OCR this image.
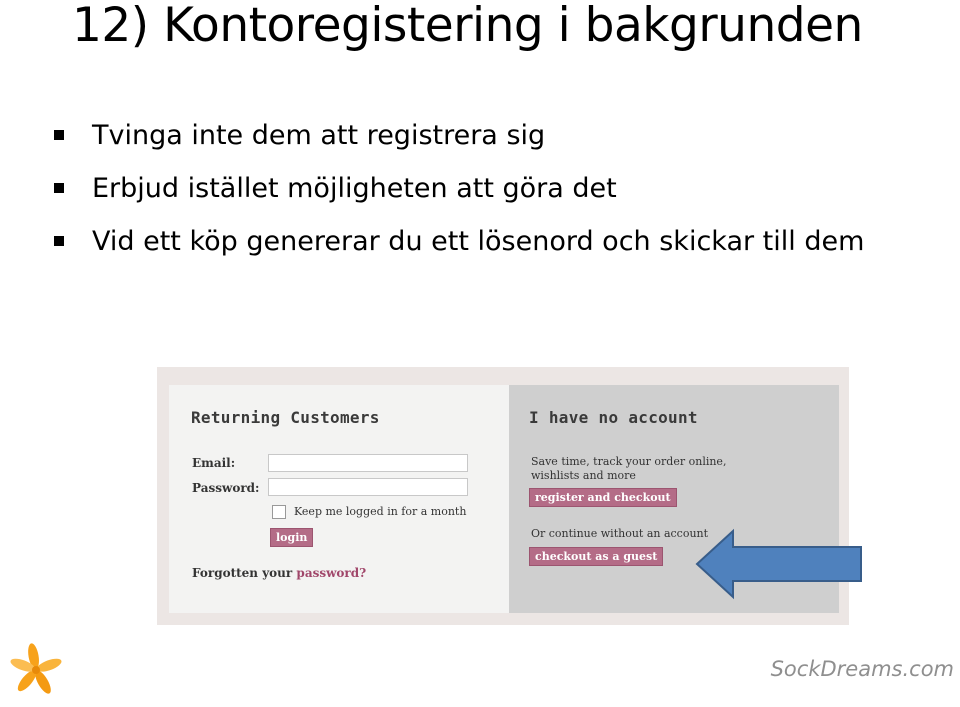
12) Kontoregistering i bakgrunden
Tvinga inte dem att registrera sig
Erbjud istället möjligheten att göra det
Vid ett köp genererar du ett lösenord och skickar till dem
Returning Customers
Email:
Password:
Keep me logged in for a month
login
Forgotten your password?
I have no account
Save time, track your order online,
wishlists and more
register and checkout
Or continue without an account
checkout as a guest
SockDreams.com
